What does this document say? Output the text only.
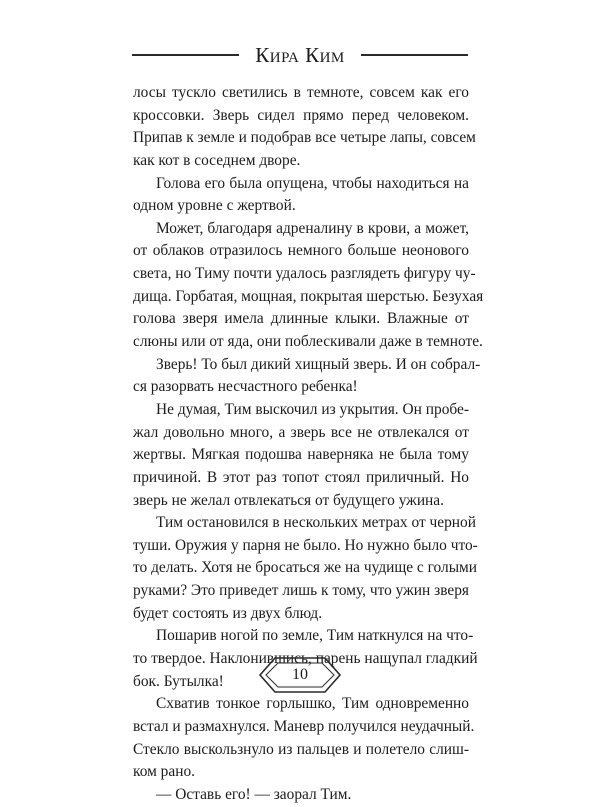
Кира Ким
лосы тускло светились в темноте, совсем как его
кроссовки. Зверь сидел прямо перед человеком.
Припав к земле и подобрав все четыре лапы, совсем
как кот в соседнем дворе.
Голова его была опущена, чтобы находиться на
одном уровне с жертвой.
Может, благодаря адреналину в крови, а может,
от облаков отразилось немного больше неонового
света, но Тиму почти удалось разглядеть фигуру чу-
дища. Горбатая, мощная, покрытая шерстью. Безухая
голова зверя имела длинные клыки. Влажные от
слюны или от яда, они поблескивали даже в темноте.
Зверь! То был дикий хищный зверь. И он собрал-
ся разорвать несчастного ребенка!
Не думая, Тим выскочил из укрытия. Он пробе-
жал довольно много, а зверь все не отвлекался от
жертвы. Мягкая подошва наверняка не была тому
причиной. В этот раз топот стоял приличный. Но
зверь не желал отвлекаться от будущего ужина.
Тим остановился в нескольких метрах от черной
туши. Оружия у парня не было. Но нужно было что-
то делать. Хотя не бросаться же на чудище с голыми
руками? Это приведет лишь к тому, что ужин зверя
будет состоять из двух блюд.
Пошарив ногой по земле, Тим наткнулся на что-
то твердое. Наклонившись, парень нащупал гладкий
бок. Бутылка!
Схватив тонкое горлышко, Тим одновременно
встал и размахнулся. Маневр получился неудачный.
Стекло выскользнуло из пальцев и полетело слиш-
ком рано.
— Оставь его! — заорал Тим.
10
